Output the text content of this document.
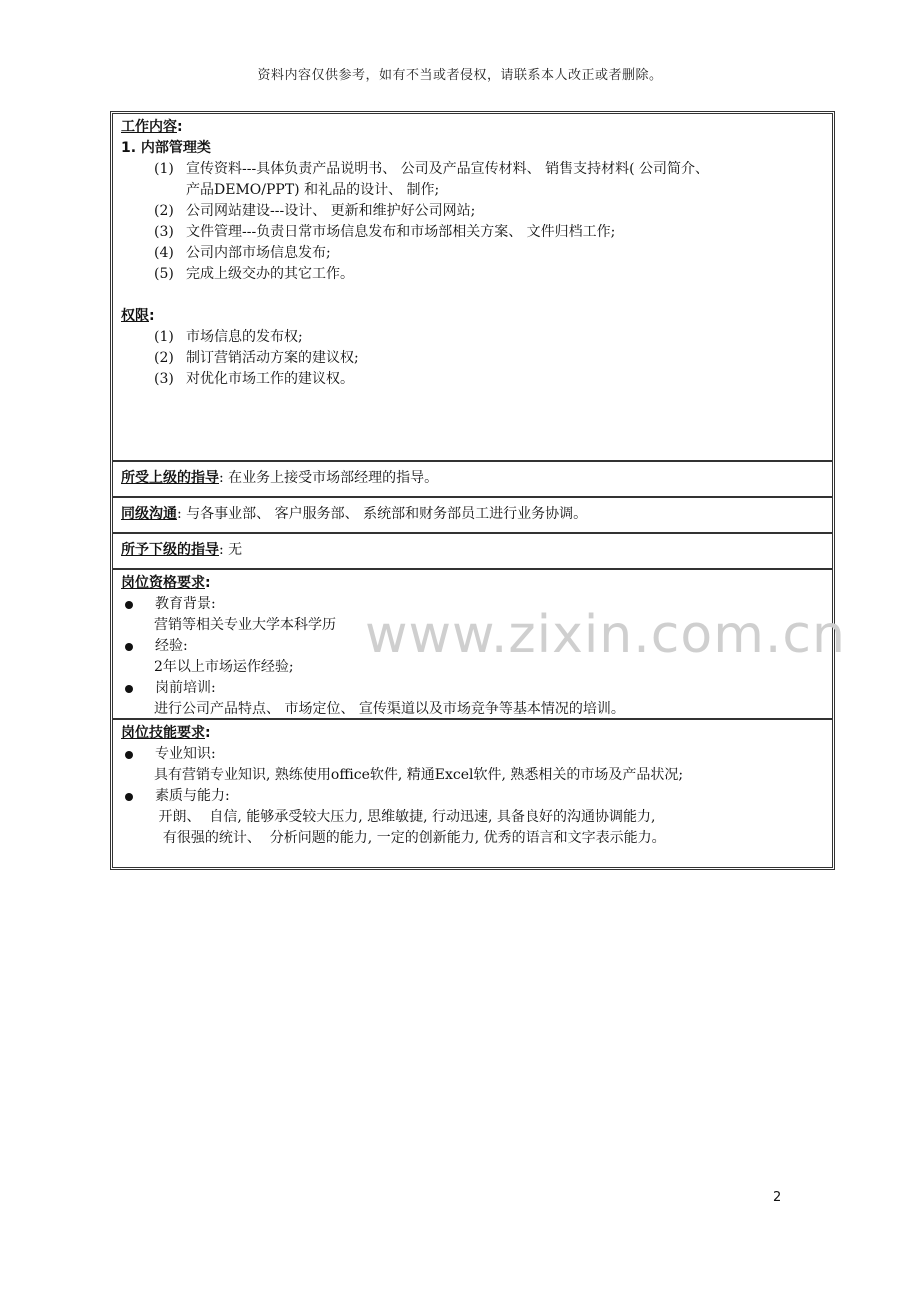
资料内容仅供参考，如有不当或者侵权，请联系本人改正或者删除。
工作内容:
1. 内部管理类
(1) 宣传资料---具体负责产品说明书、 公司及产品宣传材料、 销售支持材料( 公司简介、
产品DEMO/PPT) 和礼品的设计、 制作;
(2) 公司网站建设---设计、 更新和维护好公司网站;
(3) 文件管理---负责日常市场信息发布和市场部相关方案、 文件归档工作;
(4) 公司内部市场信息发布;
(5) 完成上级交办的其它工作。
权限:
(1) 市场信息的发布权;
(2) 制订营销活动方案的建议权;
(3) 对优化市场工作的建议权。
所受上级的指导: 在业务上接受市场部经理的指导。
同级沟通: 与各事业部、 客户服务部、 系统部和财务部员工进行业务协调。
所予下级的指导: 无
岗位资格要求:
教育背景:
营销等相关专业大学本科学历
经验:
2年以上市场运作经验;
岗前培训:
进行公司产品特点、 市场定位、 宣传渠道以及市场竞争等基本情况的培训。
岗位技能要求:
专业知识:
具有营销专业知识, 熟练使用office软件, 精通Excel软件, 熟悉相关的市场及产品状况;
素质与能力:
开朗、  自信, 能够承受较大压力, 思维敏捷, 行动迅速, 具备良好的沟通协调能力,
有很强的统计、  分析问题的能力, 一定的创新能力, 优秀的语言和文字表示能力。
www.zixin.com.cn
2
